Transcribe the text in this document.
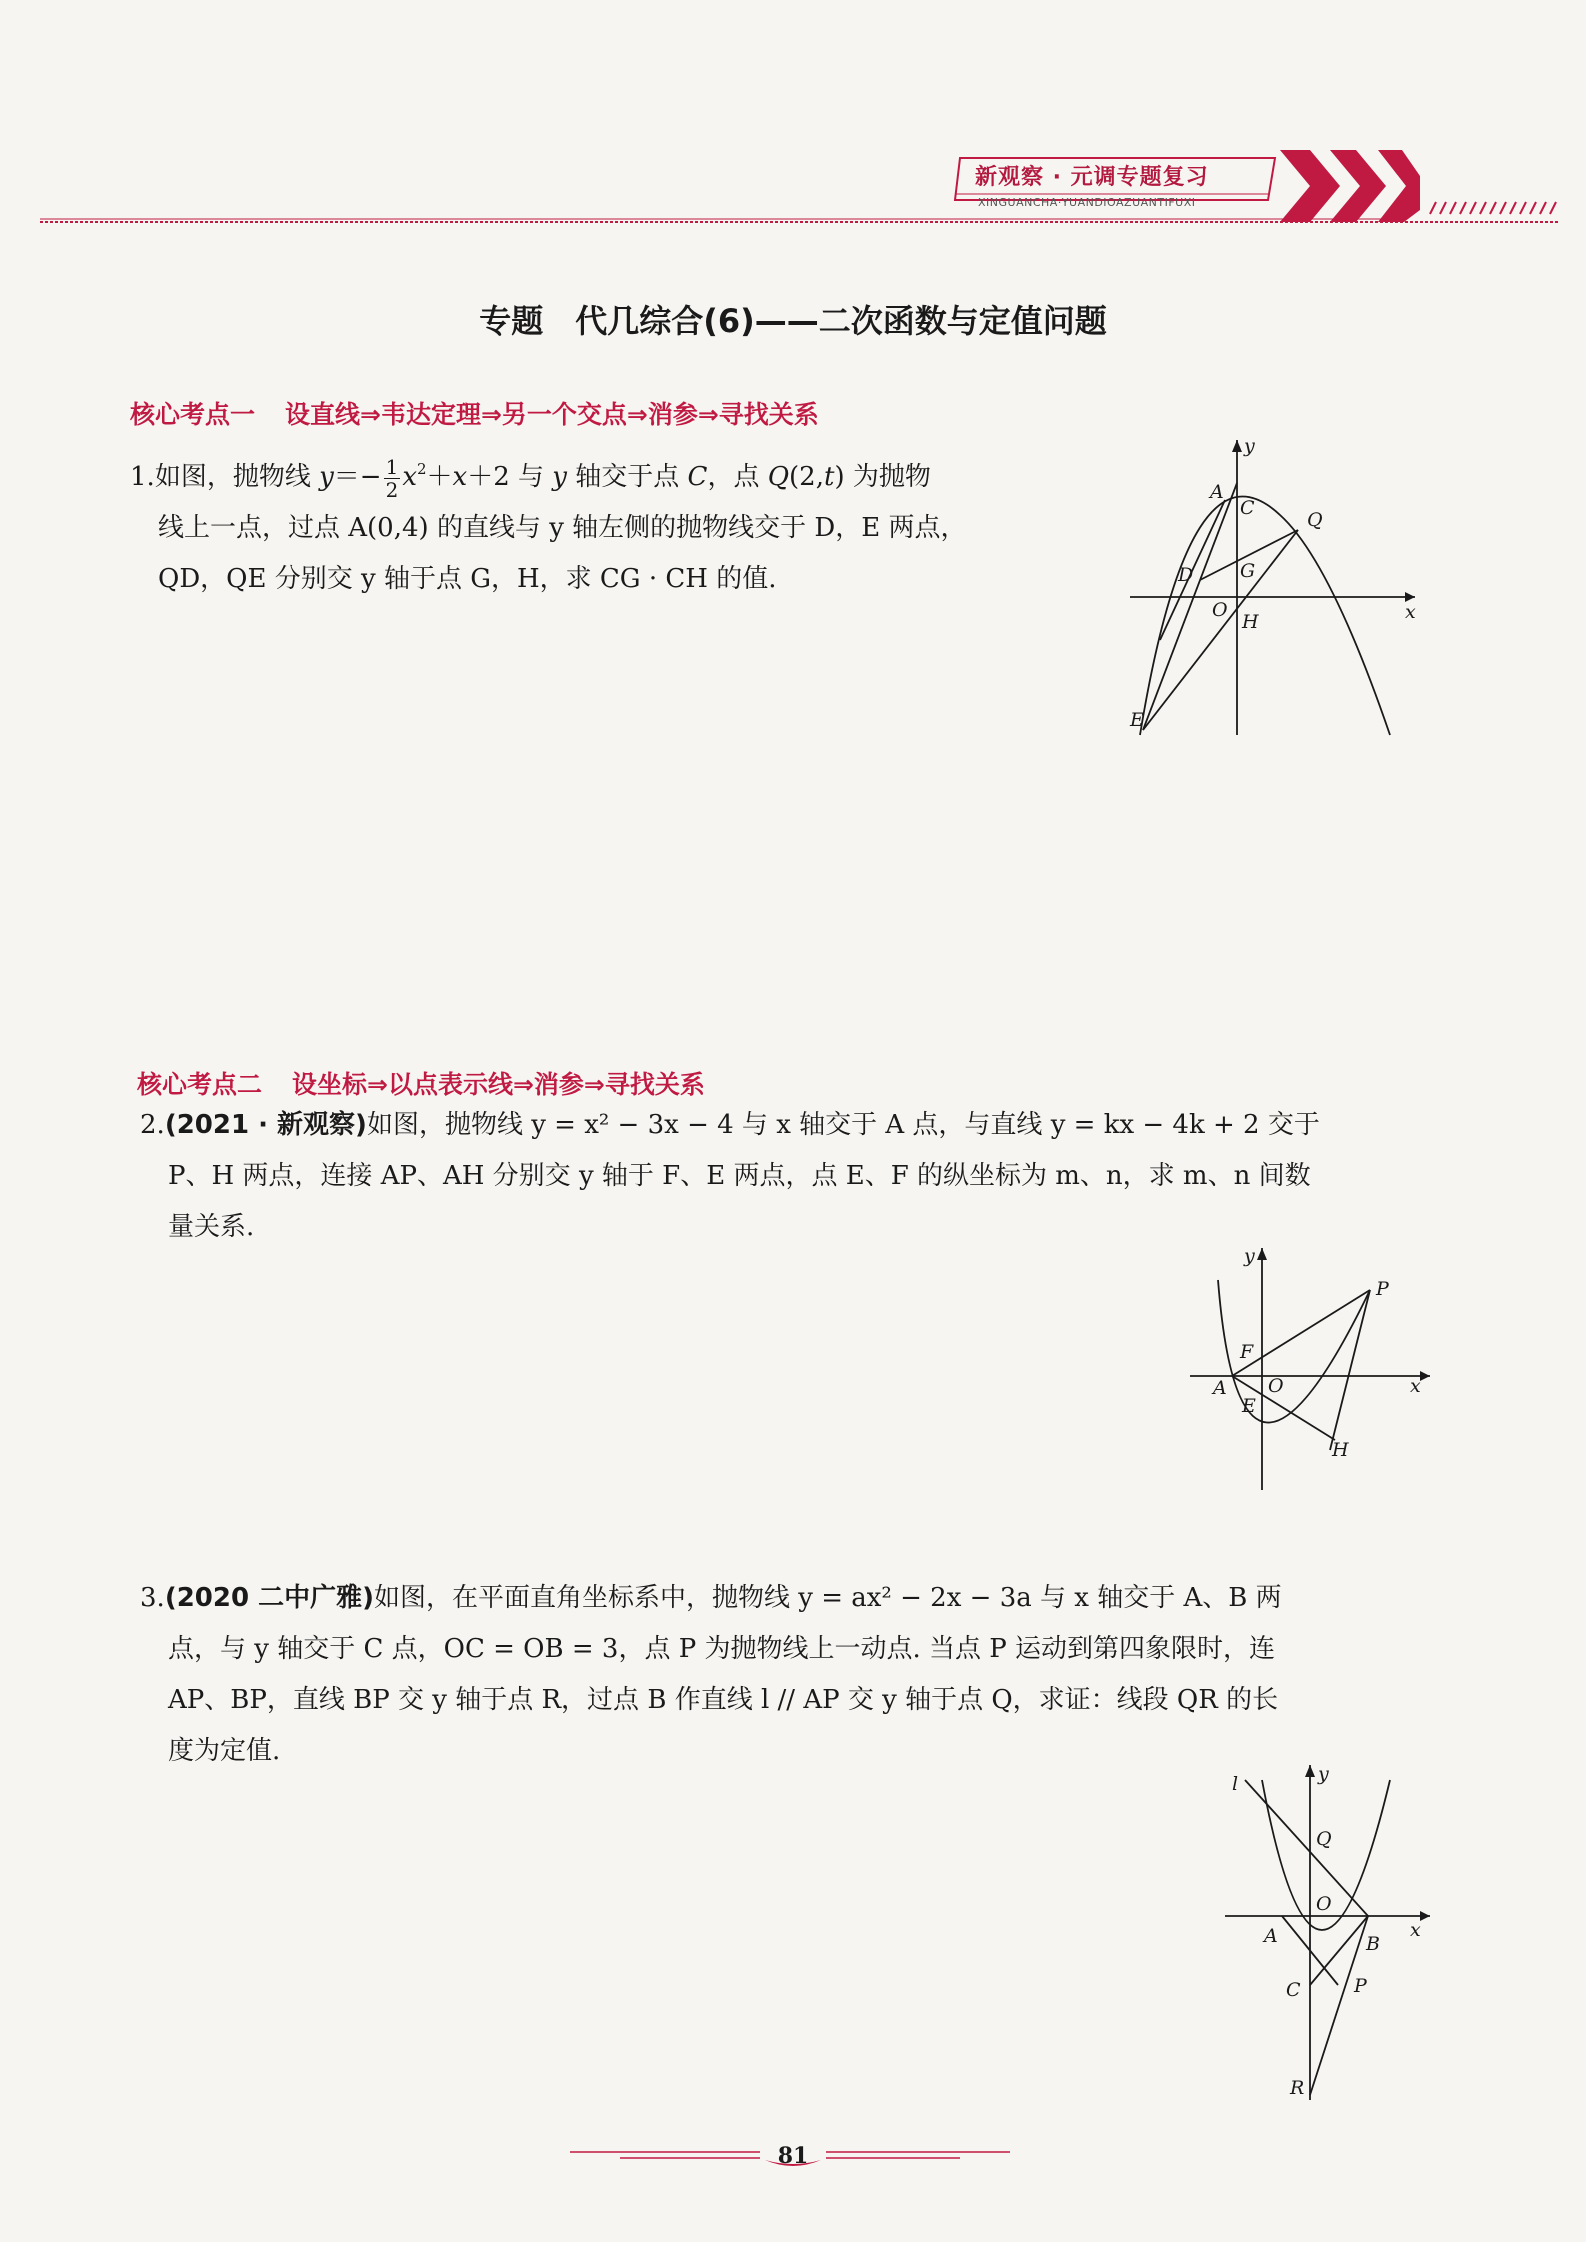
新观察 · 元调专题复习
XINGUANCHA·YUANDIOAZUANTIFUXI
专题　代几综合(6)——二次函数与定值问题
核心考点一 设直线⇒韦达定理⇒另一个交点⇒消参⇒寻找关系
1.如图，抛物线 $y=- \frac{1}{2} x^2+x+2$ 与 y 轴交于点 C，点 Q(2,t) 为抛物
线上一点，过点 A(0,4) 的直线与 y 轴左侧的抛物线交于 D，E 两点，
QD，QE 分别交 y 轴于点 G，H，求 CG · CH 的值.
y
A
C
Q
D G
O
H	x
E
核心考点二 设坐标⇒以点表示线⇒消参⇒寻找关系
2.(2021 · 新观察)如图，抛物线 y = x² − 3x − 4 与 x 轴交于 A 点，与直线 y = kx − 4k + 2 交于
P、H 两点，连接 AP、AH 分别交 y 轴于 F、E 两点，点 E、F 的纵坐标为 m、n，求 m、n 间数
量关系.
y
P
F
A O	x
E
H
3.(2020 二中广雅)如图，在平面直角坐标系中，抛物线 y = ax² − 2x − 3a 与 x 轴交于 A、B 两
点，与 y 轴交于 C 点，OC = OB = 3，点 P 为抛物线上一动点. 当点 P 运动到第四象限时，连
AP、BP，直线 BP 交 y 轴于点 R，过点 B 作直线 l // AP 交 y 轴于点 Q，求证：线段 QR 的长
度为定值.
l	y
Q
O
A	B
x
C	P
R
81
